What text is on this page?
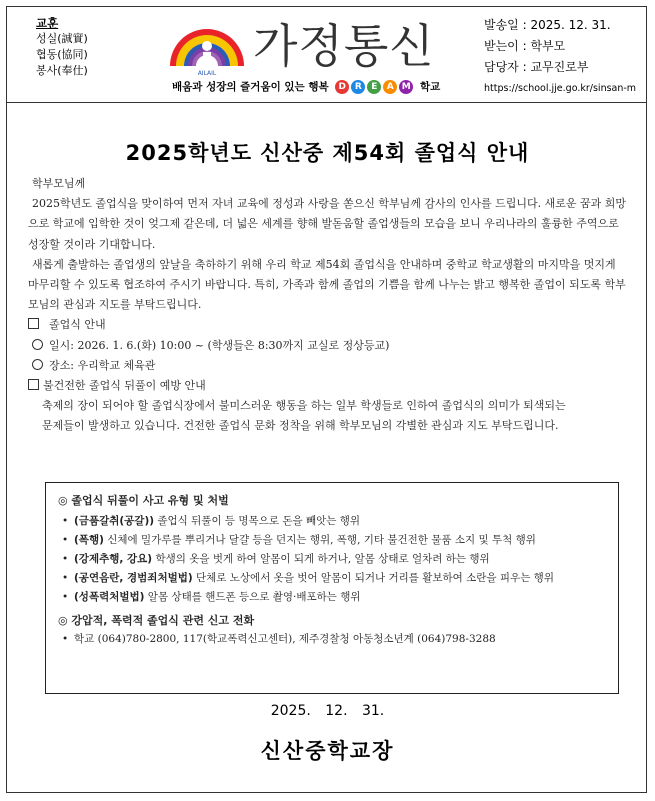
교훈
성실(誠實)
협동(協同)
봉사(奉仕)	AILAIL
가정통신
배움과 성장의 즐거움이 있는 행복	D R	E	A M 학교
발송일 : 2025. 12. 31.
받는이 : 학부모
담당자 : 교무진로부
https://school.jje.go.kr/sinsan-m
2025학년도 신산중 제54회 졸업식 안내

학부모님께

2025학년도 졸업식을 맞이하여 먼저 자녀 교육에 정성과 사랑을 쏟으신 학부님께 감사의 인사를 드립니다. 새로운 꿈과 희망으로 학교에 입학한 것이 엊그제 같은데, 더 넓은 세계를 향해 발돋움할 졸업생들의 모습을 보니 우리나라의 훌륭한 주역으로 성장할 것이라 기대합니다.

새롭게 출발하는 졸업생의 앞날을 축하하기 위해 우리 학교 제54회 졸업식을 안내하며 중학교 학교생활의 마지막을 멋지게 마무리할 수 있도록 협조하여 주시기 바랍니다. 특히, 가족과 함께 졸업의 기쁨을 함께 나누는 밝고 행복한 졸업이 되도록 학부모님의 관심과 지도를 부탁드립니다.

졸업식 안내

일시: 2026. 1. 6.(화) 10:00 ~ (학생들은 8:30까지 교실로 정상등교)

장소: 우리학교 체육관

불건전한 졸업식 뒤풀이 예방 안내

축제의 장이 되어야 할 졸업식장에서 불미스러운 행동을 하는 일부 학생들로 인하여 졸업식의 의미가 퇴색되는 문제들이 발생하고 있습니다. 건전한 졸업식 문화 정착을 위해 학부모님의 각별한 관심과 지도 부탁드립니다.

◎ 졸업식 뒤풀이 사고 유형 및 처벌
• (금품갈취(공갈)) 졸업식 뒤풀이 등 명목으로 돈을 빼앗는 행위
• (폭행) 신체에 밀가루를 뿌리거나 달걀 등을 던지는 행위, 폭행, 기타 불건전한 물품 소지 및 투척 행위
• (강제추행, 강요) 학생의 옷을 벗게 하여 알몸이 되게 하거나, 알몸 상태로 얼차려 하는 행위
• (공연음란, 경범죄처벌법) 단체로 노상에서 옷을 벗어 알몸이 되거나 거리를 활보하여 소란을 피우는 행위
• (성폭력처벌법) 알몸 상태를 핸드폰 등으로 촬영·배포하는 행위
◎ 강압적, 폭력적 졸업식 관련 신고 전화
• 학교 (064)780-2800, 117(학교폭력신고센터), 제주경찰청 아동청소년계 (064)798-3288
2025. 12. 31.
신산중학교장
